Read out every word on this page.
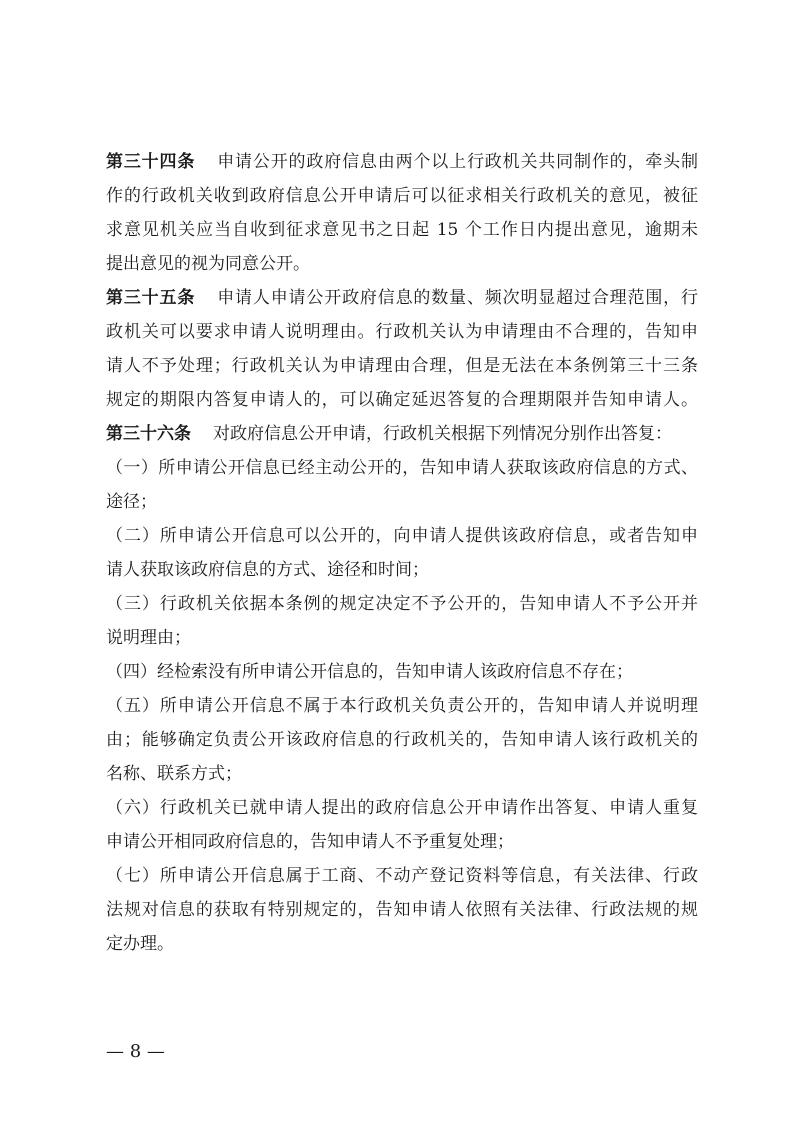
第三十四条 申请公开的政府信息由两个以上行政机关共同制作的，牵头制
作的行政机关收到政府信息公开申请后可以征求相关行政机关的意见，被征
求意见机关应当自收到征求意见书之日起 15 个工作日内提出意见，逾期未
提出意见的视为同意公开。
第三十五条 申请人申请公开政府信息的数量、频次明显超过合理范围，行
政机关可以要求申请人说明理由。行政机关认为申请理由不合理的，告知申
请人不予处理；行政机关认为申请理由合理，但是无法在本条例第三十三条
规定的期限内答复申请人的，可以确定延迟答复的合理期限并告知申请人。
第三十六条 对政府信息公开申请，行政机关根据下列情况分别作出答复：
（一）所申请公开信息已经主动公开的，告知申请人获取该政府信息的方式、
途径；
（二）所申请公开信息可以公开的，向申请人提供该政府信息，或者告知申
请人获取该政府信息的方式、途径和时间；
（三）行政机关依据本条例的规定决定不予公开的，告知申请人不予公开并
说明理由；
（四）经检索没有所申请公开信息的，告知申请人该政府信息不存在；
（五）所申请公开信息不属于本行政机关负责公开的，告知申请人并说明理
由；能够确定负责公开该政府信息的行政机关的，告知申请人该行政机关的
名称、联系方式；
（六）行政机关已就申请人提出的政府信息公开申请作出答复、申请人重复
申请公开相同政府信息的，告知申请人不予重复处理；
（七）所申请公开信息属于工商、不动产登记资料等信息，有关法律、行政
法规对信息的获取有特别规定的，告知申请人依照有关法律、行政法规的规
定办理。
— 8 —
